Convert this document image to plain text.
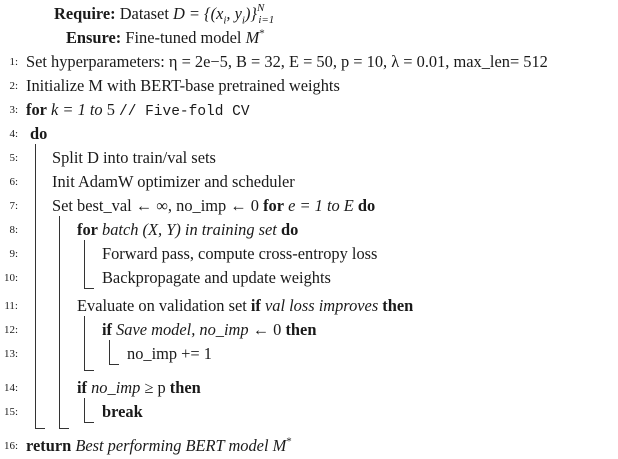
Require: Dataset $D = \{(x_i$, $y_i)\}^N_{i=1}$
Ensure: Fine-tuned model M*
1:
2:
3:
4:
5:
6:
7:
8:
9:
10:
11:
12:
13:
14:
15:
16:
Set hyperparameters: η = 2e−5, B = 32, E = 50, p = 10, λ = 0.01, max_len= 512
Initialize M with BERT-base pretrained weights
for k = 1 to 5 // Five-fold CV
do
Split D into train/val sets
Init AdamW optimizer and scheduler
Set best_val ← ∞, no_imp ← 0 for e = 1 to E do
for batch (X, Y) in training set do
Forward pass, compute cross-entropy loss
Backpropagate and update weights
Evaluate on validation set if val loss improves then
if Save model, no_imp ← 0 then
no_imp += 1
if no_imp ≥ p then
break
return Best performing BERT model M*
